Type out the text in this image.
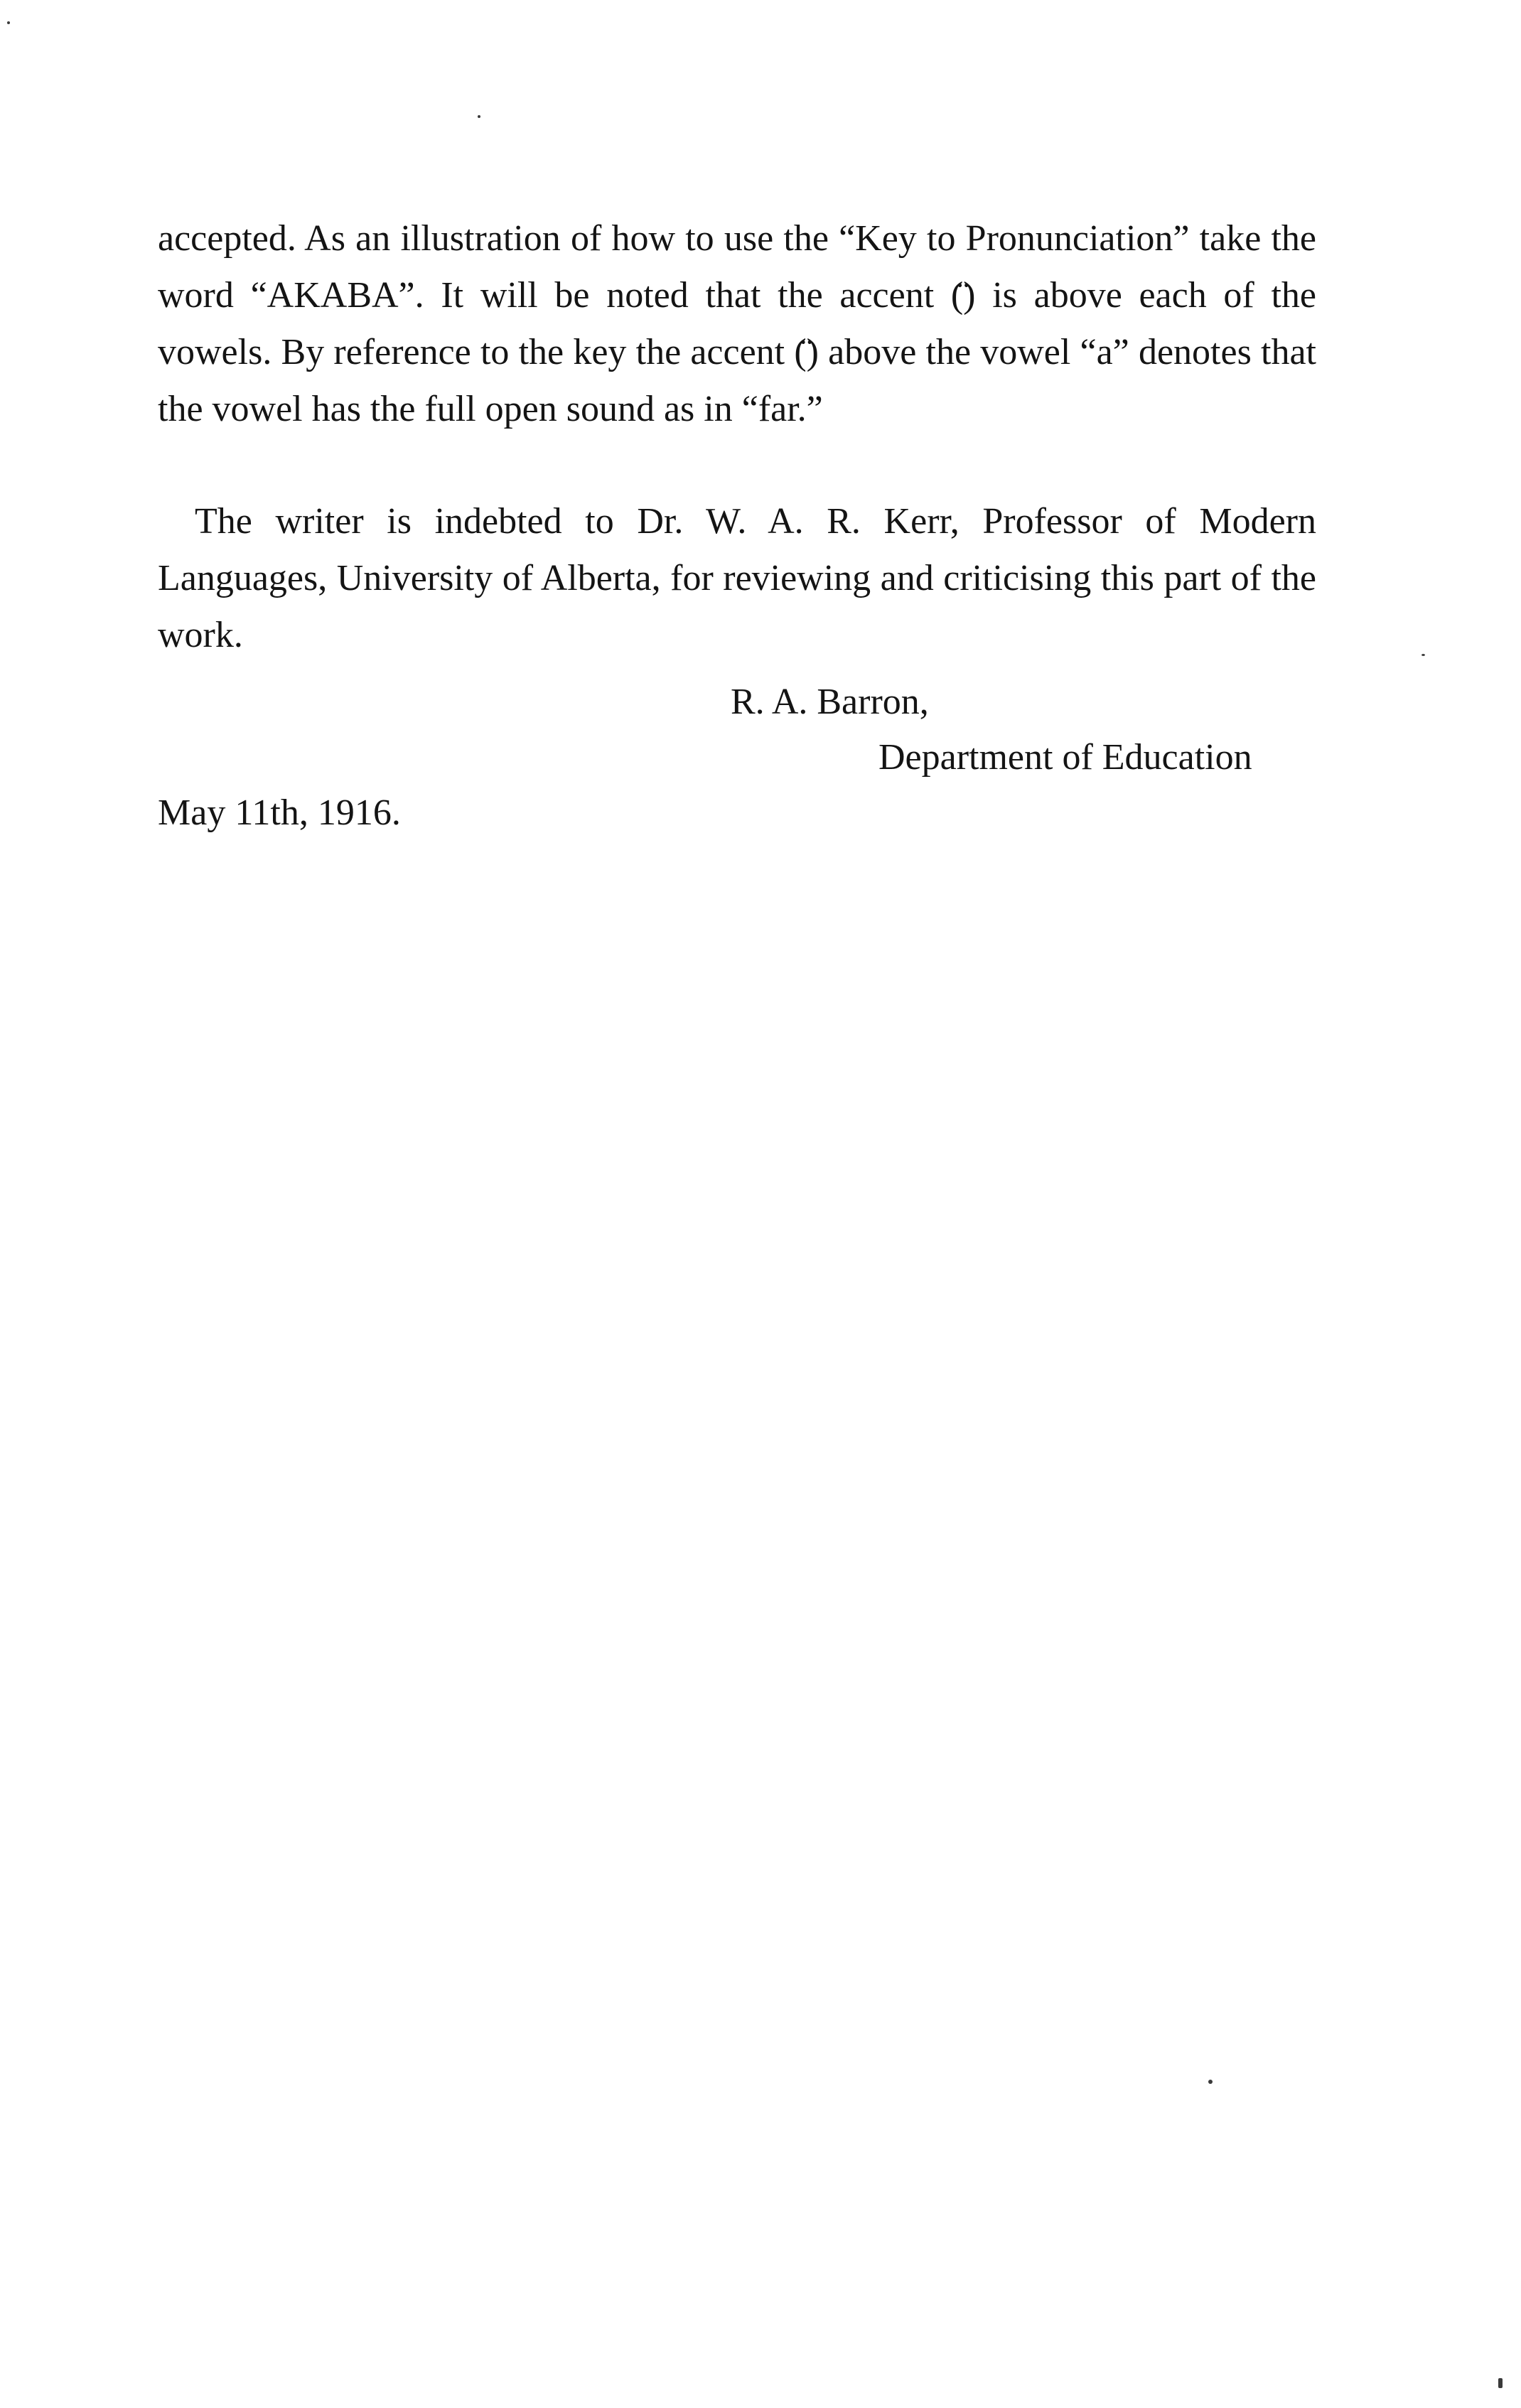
accepted. As an illustration of how to use the “Key to Pronunciation” take the word “AKABA”. It will be noted that the accent (̈) is above each of the vowels. By reference to the key the accent (̈) above the vowel “a” denotes that the vowel has the full open sound as in “far.”

The writer is indebted to Dr. W. A. R. Kerr, Professor of Modern Languages, University of Alberta, for reviewing and criticising this part of the work.

R. A. Barron,

Department of Education

May 11th, 1916.
